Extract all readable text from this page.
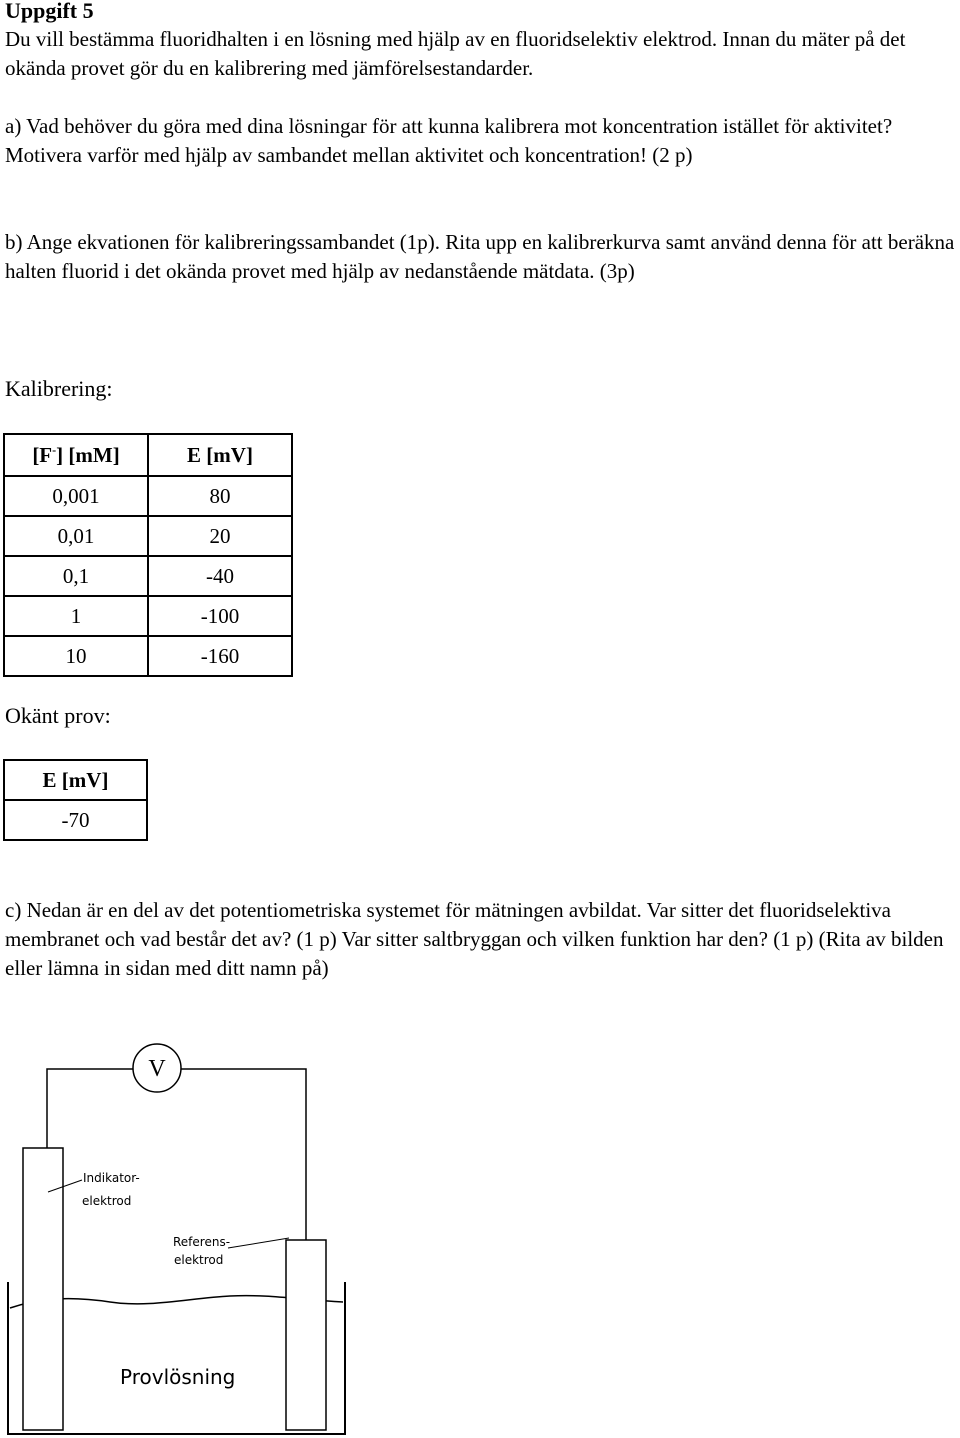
Uppgift 5
Du vill bestämma fluoridhalten i en lösning med hjälp av en fluoridselektiv elektrod. Innan du mäter på det okända provet gör du en kalibrering med jämförelsestandarder.
a) Vad behöver du göra med dina lösningar för att kunna kalibrera mot koncentration istället för aktivitet? Motivera varför med hjälp av sambandet mellan aktivitet och koncentration! (2 p)
b) Ange ekvationen för kalibreringssambandet (1p). Rita upp en kalibrerkurva samt använd denna för att beräkna halten fluorid i det okända provet med hjälp av nedanstående mätdata. (3p)
Kalibrering:
[F-] [mM]	E [mV]
0,001	80
0,01	20
0,1	-40
1	-100
10	-160
Okänt prov:
E [mV]
-70
c) Nedan är en del av det potentiometriska systemet för mätningen avbildat. Var sitter det fluoridselektiva membranet och vad består det av? (1 p) Var sitter saltbryggan och vilken funktion har den? (1 p) (Rita av bilden eller lämna in sidan med ditt namn på)
V
Indikator-
elektrod
Referens-
elektrod
Provlösning
